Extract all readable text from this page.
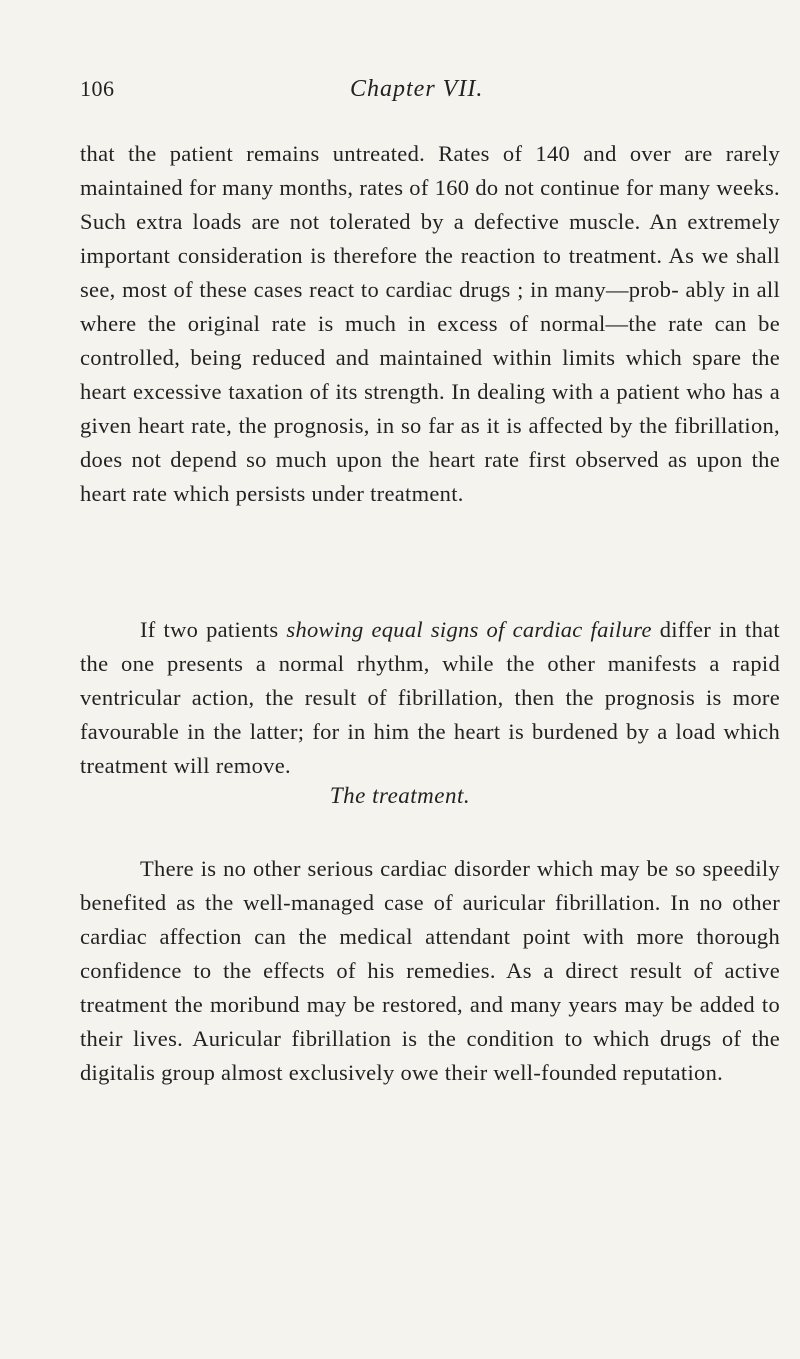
106	Chapter VII.

that the patient remains untreated. Rates of 140 and over are rarely maintained for many months, rates of 160 do not continue for many weeks. Such extra loads are not tolerated by a defective muscle. An extremely important consideration is therefore the reaction to treatment. As we shall see, most of these cases react to cardiac drugs ; in many—prob- ably in all where the original rate is much in excess of normal—the rate can be controlled, being reduced and maintained within limits which spare the heart excessive taxation of its strength. In dealing with a patient who has a given heart rate, the prognosis, in so far as it is affected by the fibrillation, does not depend so much upon the heart rate first observed as upon the heart rate which persists under treatment.

If two patients showing equal signs of cardiac failure differ in that the one presents a normal rhythm, while the other manifests a rapid ventricular action, the result of fibrillation, then the prognosis is more favourable in the latter; for in him the heart is burdened by a load which treatment will remove.

The treatment.

There is no other serious cardiac disorder which may be so speedily benefited as the well-managed case of auricular fibrillation. In no other cardiac affection can the medical attendant point with more thorough confidence to the effects of his remedies. As a direct result of active treatment the moribund may be restored, and many years may be added to their lives. Auricular fibrillation is the condition to which drugs of the digitalis group almost exclusively owe their well-founded reputation.
